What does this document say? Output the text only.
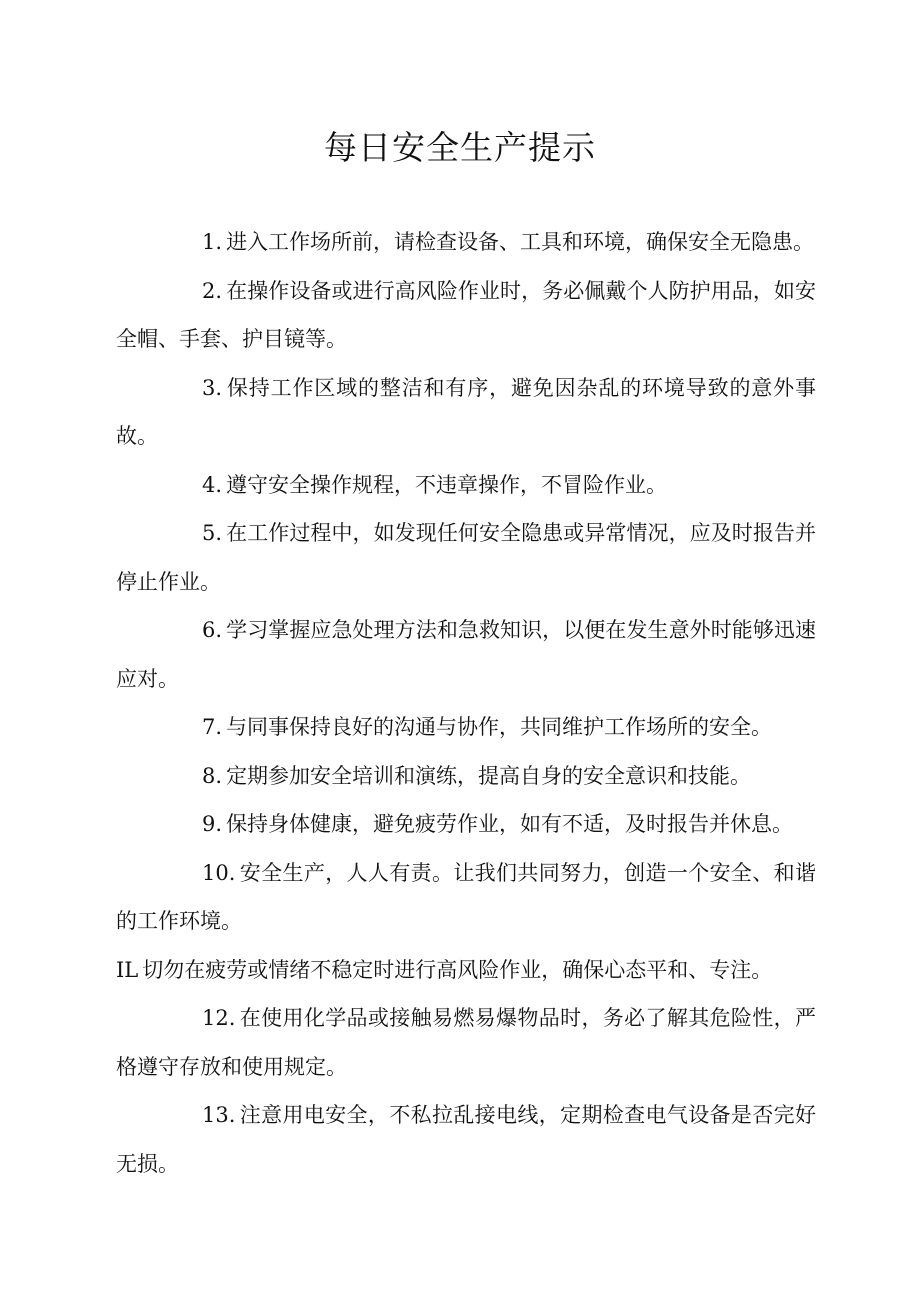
每日安全生产提示

1. 进入工作场所前，请检查设备、工具和环境，确保安全无隐患。

2. 在操作设备或进行高风险作业时，务必佩戴个人防护用品，如安全帽、手套、护目镜等。

3. 保持工作区域的整洁和有序，避免因杂乱的环境导致的意外事故。

4. 遵守安全操作规程，不违章操作，不冒险作业。

5. 在工作过程中，如发现任何安全隐患或异常情况，应及时报告并停止作业。

6. 学习掌握应急处理方法和急救知识，以便在发生意外时能够迅速应对。

7. 与同事保持良好的沟通与协作，共同维护工作场所的安全。

8. 定期参加安全培训和演练，提高自身的安全意识和技能。

9. 保持身体健康，避免疲劳作业，如有不适，及时报告并休息。

10. 安全生产，人人有责。让我们共同努力，创造一个安全、和谐的工作环境。

IL 切勿在疲劳或情绪不稳定时进行高风险作业，确保心态平和、专注。

12. 在使用化学品或接触易燃易爆物品时，务必了解其危险性，严格遵守存放和使用规定。

13. 注意用电安全，不私拉乱接电线，定期检查电气设备是否完好无损。
